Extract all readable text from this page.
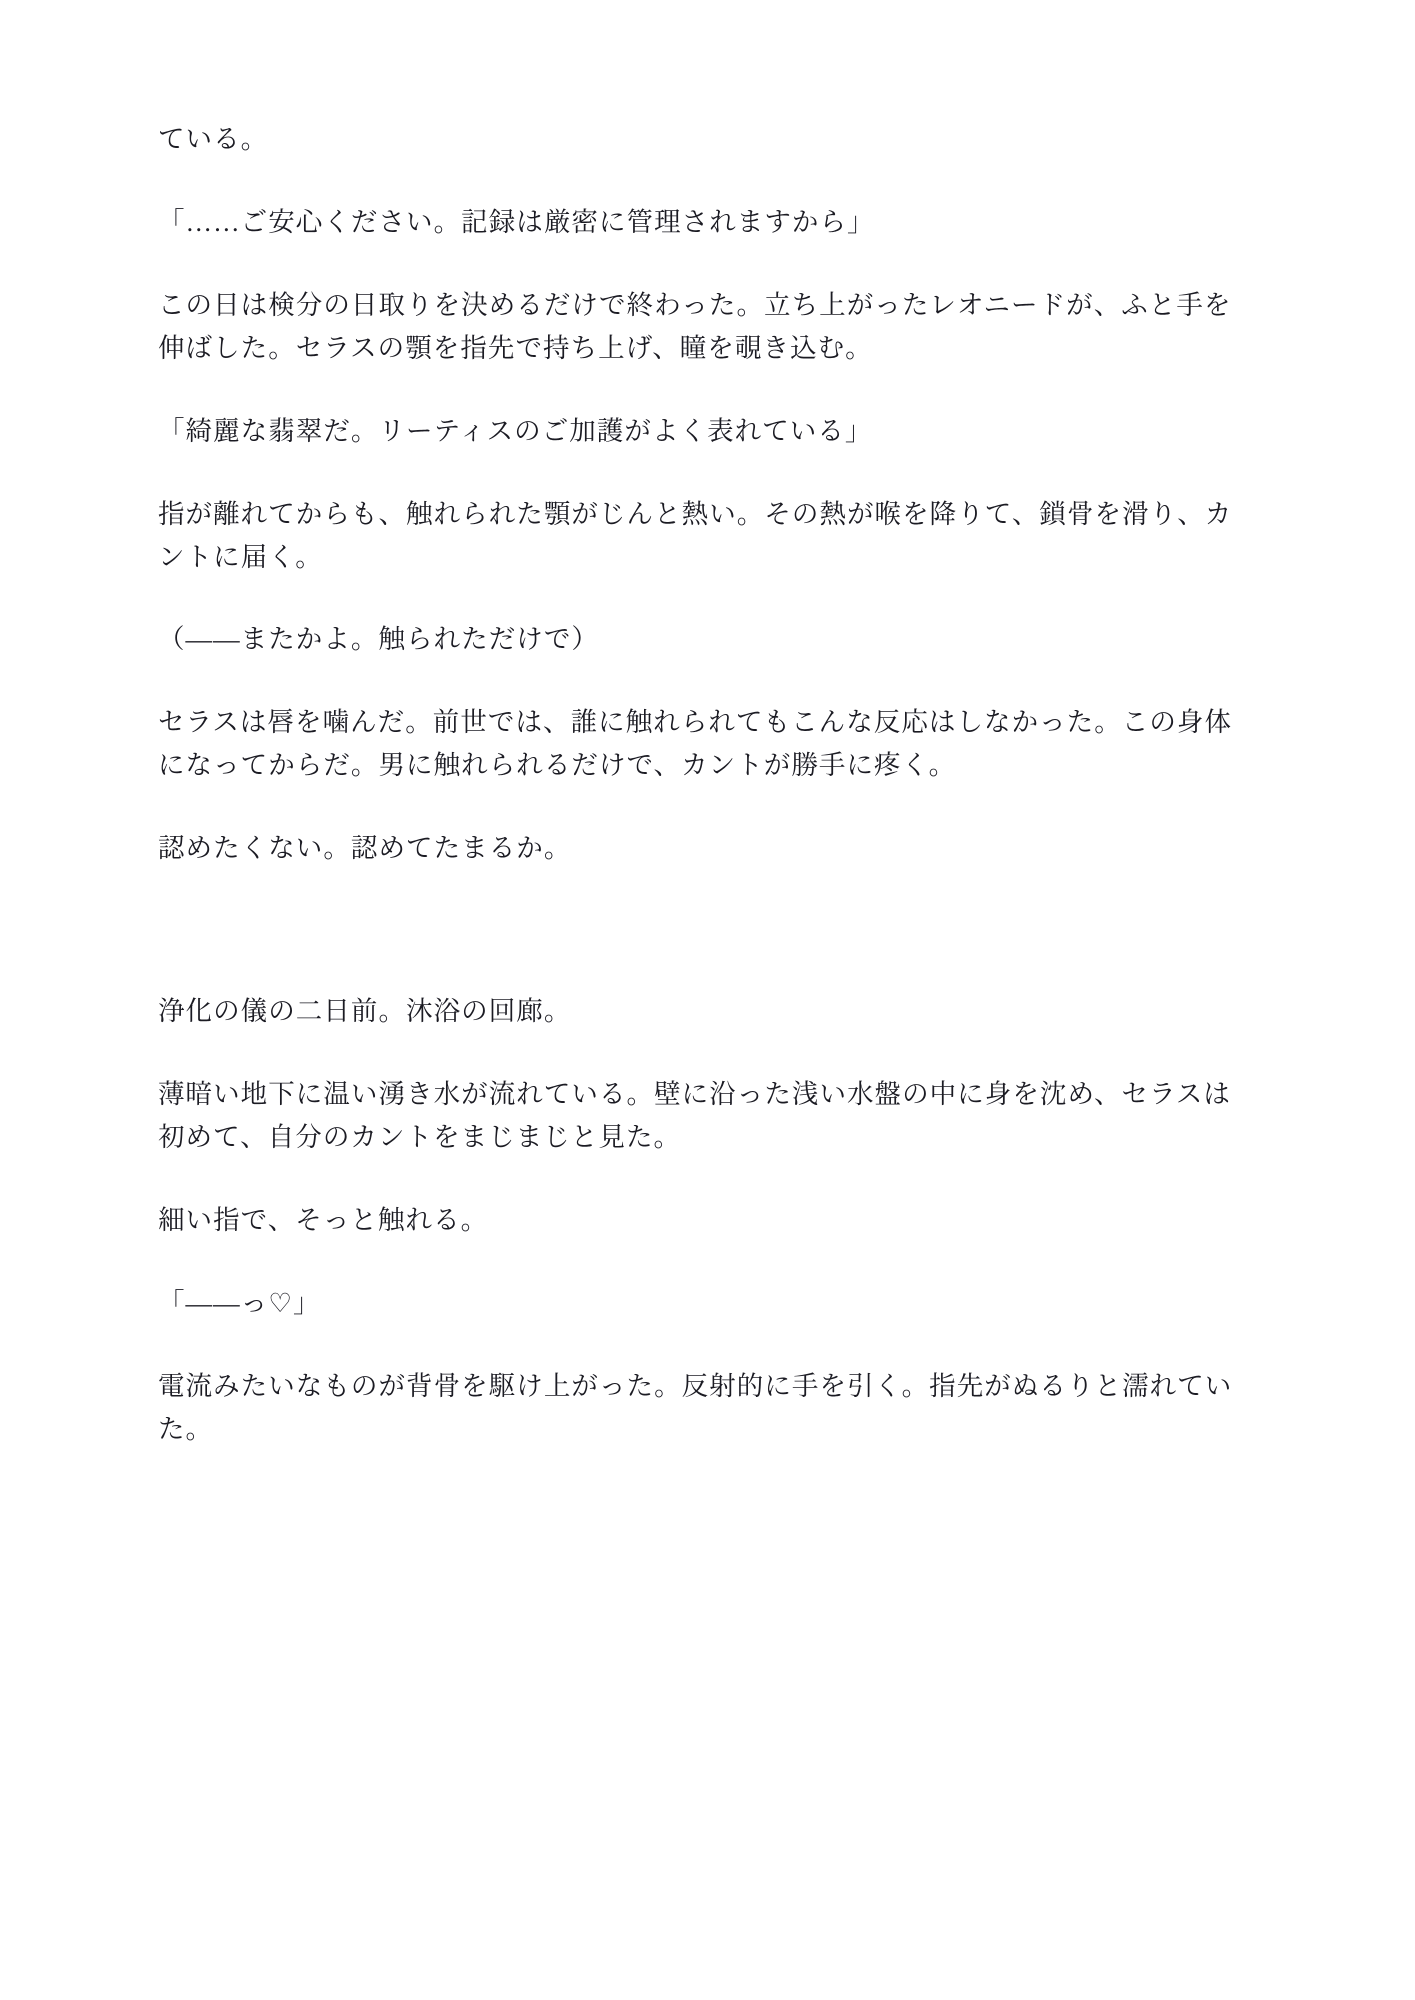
ている。

「……ご安心ください。記録は厳密に管理されますから」

この日は検分の日取りを決めるだけで終わった。立ち上がったレオニードが、ふと手を伸ばした。セラスの顎を指先で持ち上げ、瞳を覗き込む。

「綺麗な翡翠だ。リーティスのご加護がよく表れている」

指が離れてからも、触れられた顎がじんと熱い。その熱が喉を降りて、鎖骨を滑り、カントに届く。

（――またかよ。触られただけで）

セラスは唇を噛んだ。前世では、誰に触れられてもこんな反応はしなかった。この身体になってからだ。男に触れられるだけで、カントが勝手に疼く。

認めたくない。認めてたまるか。

浄化の儀の二日前。沐浴の回廊。

薄暗い地下に温い湧き水が流れている。壁に沿った浅い水盤の中に身を沈め、セラスは初めて、自分のカントをまじまじと見た。

細い指で、そっと触れる。

「――っ♡」

電流みたいなものが背骨を駆け上がった。反射的に手を引く。指先がぬるりと濡れていた。
